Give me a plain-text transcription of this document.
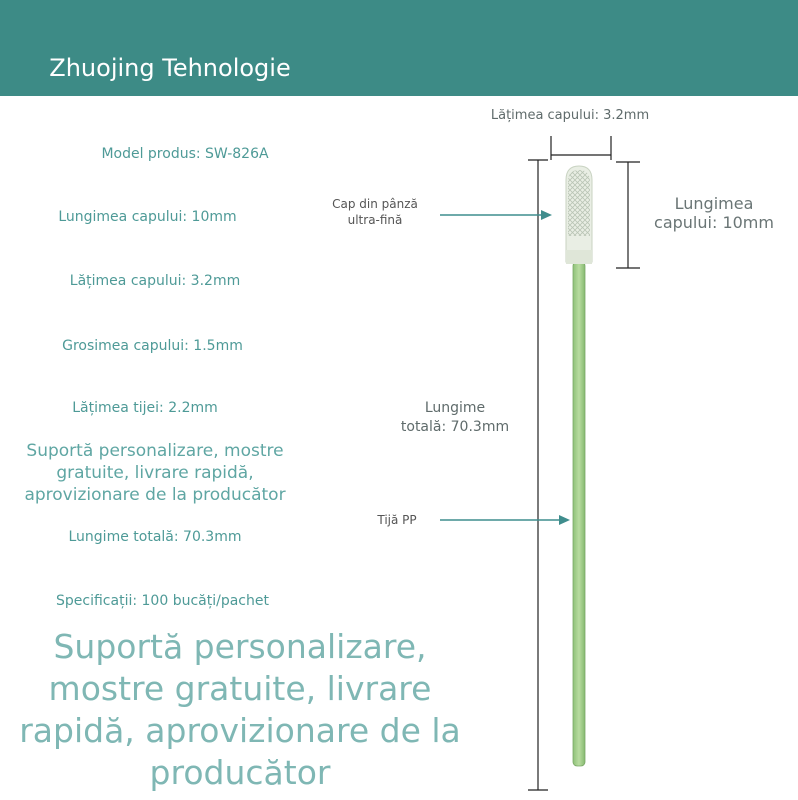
Zhuojing Tehnologie

Fără Praf

Model produs: SW-826A
Lungimea capului: 10mm
Lățimea capului: 3.2mm
Grosimea capului: 1.5mm
Lățimea tijei: 2.2mm
Suportă personalizare, mostre gratuite, livrare rapidă, aprovizionare de la producător
Lungime totală: 70.3mm
Specificații: 100 bucăți/pachet
Suportă personalizare, mostre gratuite, livrare rapidă, aprovizionare de la producător
Lățimea capului: 3.2mm
Cap din pânză
ultra-fină
Lungimea
capului: 10mm
Lungime
totală: 70.3mm
Tijă PP
